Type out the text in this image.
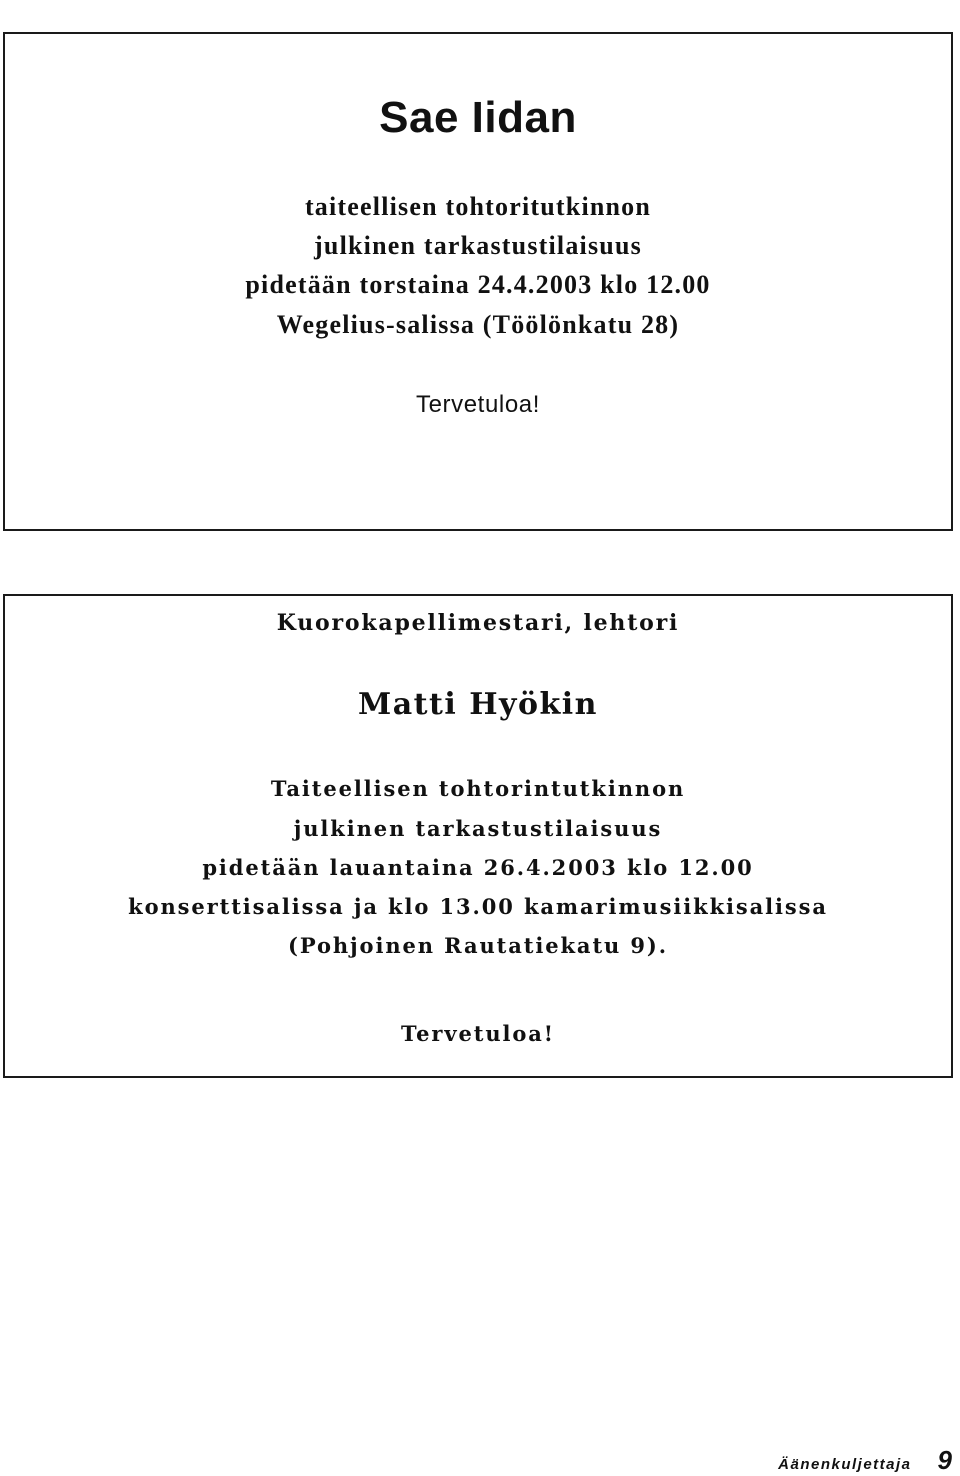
Sae Iidan

taiteellisen tohtoritutkinnon

julkinen tarkastustilaisuus

pidetään torstaina 24.4.2003 klo 12.00

Wegelius-salissa (Töölönkatu 28)

Tervetuloa!

Kuorokapellimestari, lehtori

Matti Hyökin

Taiteellisen tohtorintutkinnon

julkinen tarkastustilaisuus

pidetään lauantaina 26.4.2003 klo 12.00

konserttisalissa ja klo 13.00 kamarimusiikkisalissa

(Pohjoinen Rautatiekatu 9).

Tervetuloa!

Äänenkuljettaja 9
